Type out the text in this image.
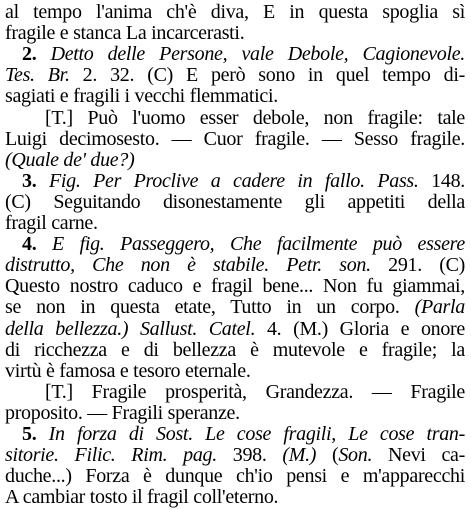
al tempo l'anima ch'è diva, E in questa spoglia sì
fragile e stanca La incarcerasti.
2. Detto delle Persone, vale Debole, Cagionevole.
Tes. Br. 2. 32. (C) E però sono in quel tempo di-
sagiati e fragili i vecchi flemmatici.
[T.] Può l'uomo esser debole, non fragile: tale
Luigi decimosesto. — Cuor fragile. — Sesso fragile.
(Quale de' due?)
3. Fig. Per Proclive a cadere in fallo. Pass. 148.
(C) Seguitando disonestamente gli appetiti della
fragil carne.
4. E fig. Passeggero, Che facilmente può essere
distrutto, Che non è stabile. Petr. son. 291. (C)
Questo nostro caduco e fragil bene... Non fu giammai,
se non in questa etate, Tutto in un corpo. (Parla
della bellezza.) Sallust. Catel. 4. (M.) Gloria e onore
di ricchezza e di bellezza è mutevole e fragile; la
virtù è famosa e tesoro eternale.
[T.] Fragile prosperità, Grandezza. — Fragile
proposito. — Fragili speranze.
5. In forza di Sost. Le cose fragili, Le cose tran-
sitorie. Filic. Rim. pag. 398. (M.) (Son. Nevi ca-
duche...) Forza è dunque ch'io pensi e m'apparecchi
A cambiar tosto il fragil coll'eterno.
